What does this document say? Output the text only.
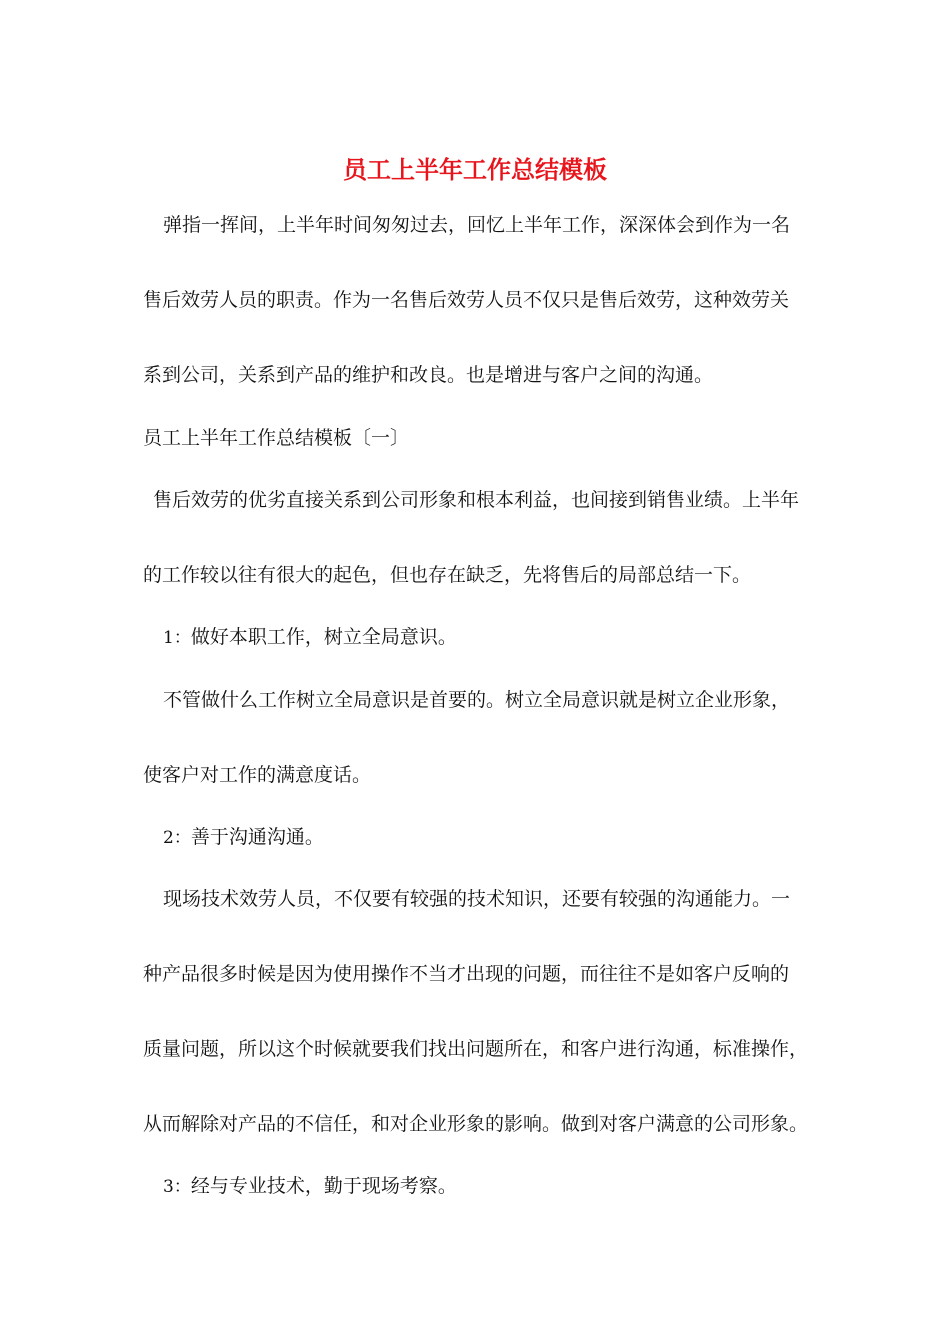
员工上半年工作总结模板
弹指一挥间，上半年时间匆匆过去，回忆上半年工作，深深体会到作为一名
售后效劳人员的职责。作为一名售后效劳人员不仅只是售后效劳，这种效劳关
系到公司，关系到产品的维护和改良。也是增进与客户之间的沟通。
员工上半年工作总结模板〔一〕
售后效劳的优劣直接关系到公司形象和根本利益，也间接到销售业绩。上半年
的工作较以往有很大的起色，但也存在缺乏，先将售后的局部总结一下。
1：做好本职工作，树立全局意识。
不管做什么工作树立全局意识是首要的。树立全局意识就是树立企业形象，
使客户对工作的满意度话。
2：善于沟通沟通。
现场技术效劳人员，不仅要有较强的技术知识，还要有较强的沟通能力。一
种产品很多时候是因为使用操作不当才出现的问题，而往往不是如客户反响的
质量问题，所以这个时候就要我们找出问题所在，和客户进行沟通，标准操作，
从而解除对产品的不信任，和对企业形象的影响。做到对客户满意的公司形象。
3：经与专业技术，勤于现场考察。
